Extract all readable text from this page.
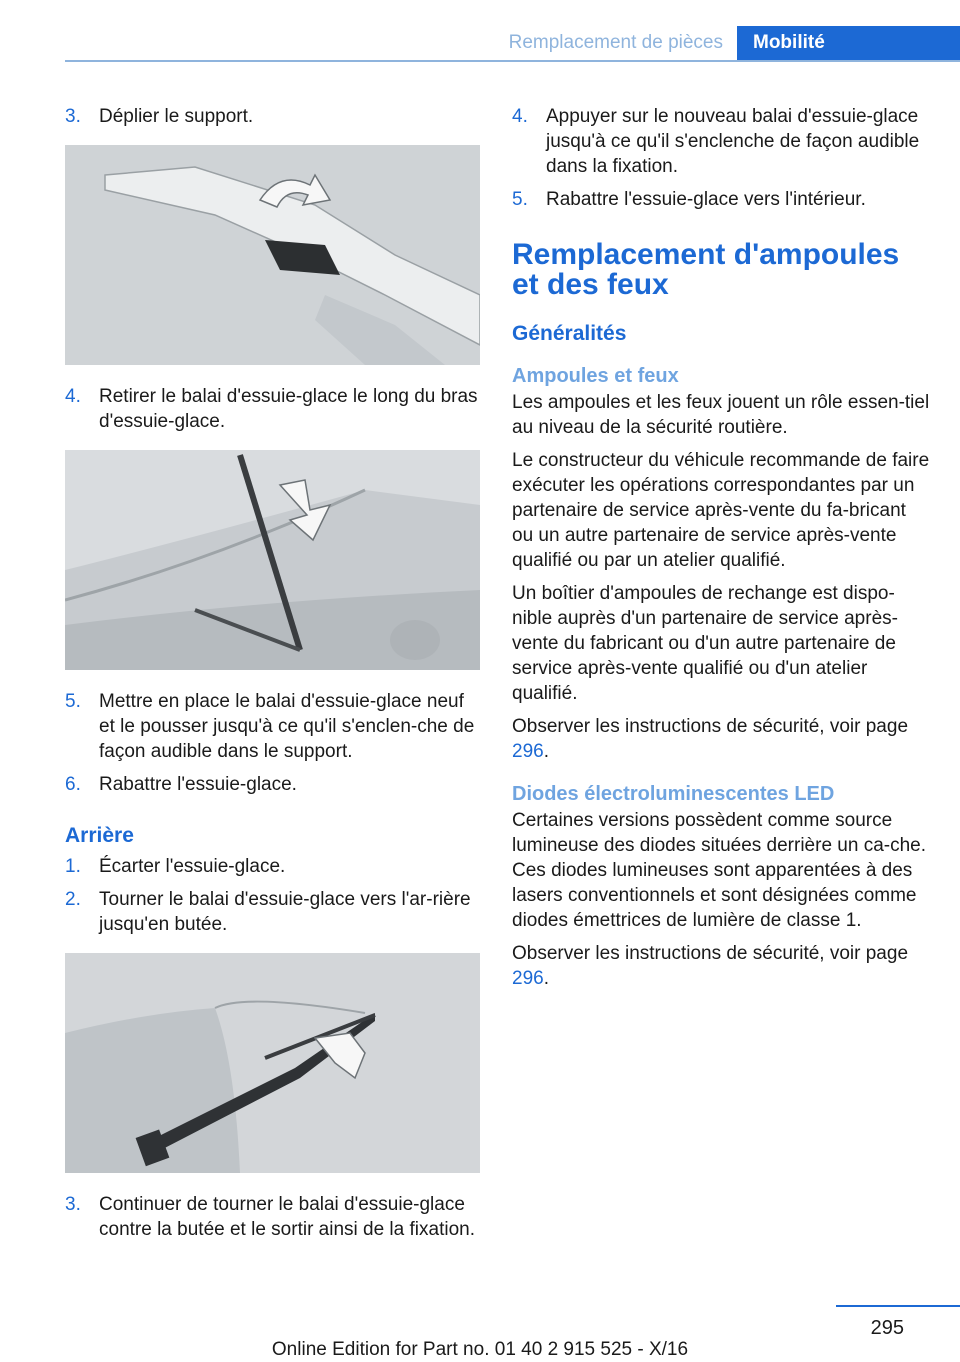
Remplacement de pièces	Mobilité
3. Déplier le support.
4. Retirer le balai d'essuie-glace le long du bras d'essuie-glace.
5. Mettre en place le balai d'essuie-glace neuf et le pousser jusqu'à ce qu'il s'enclen-che de façon audible dans le support.
6. Rabattre l'essuie-glace.
Arrière
1. Écarter l'essuie-glace.
2. Tourner le balai d'essuie-glace vers l'ar-rière jusqu'en butée.
3. Continuer de tourner le balai d'essuie-glace contre la butée et le sortir ainsi de la fixation.
4. Appuyer sur le nouveau balai d'essuie-glace jusqu'à ce qu'il s'enclenche de façon audible dans la fixation.
5. Rabattre l'essuie-glace vers l'intérieur.
Remplacement d'ampoules et des feux
Généralités
Ampoules et feux

Les ampoules et les feux jouent un rôle essen-tiel au niveau de la sécurité routière.

Le constructeur du véhicule recommande de faire exécuter les opérations correspondantes par un partenaire de service après-vente du fa-bricant ou un autre partenaire de service après-vente qualifié ou par un atelier qualifié.

Un boîtier d'ampoules de rechange est dispo-nible auprès d'un partenaire de service après-vente du fabricant ou d'un autre partenaire de service après-vente qualifié ou d'un atelier qualifié.

Observer les instructions de sécurité, voir page 296.

Diodes électroluminescentes LED

Certaines versions possèdent comme source lumineuse des diodes situées derrière un ca-che. Ces diodes lumineuses sont apparentées à des lasers conventionnels et sont désignées comme diodes émettrices de lumière de classe 1.

Observer les instructions de sécurité, voir page 296.

295
Online Edition for Part no. 01 40 2 915 525 - X/16
